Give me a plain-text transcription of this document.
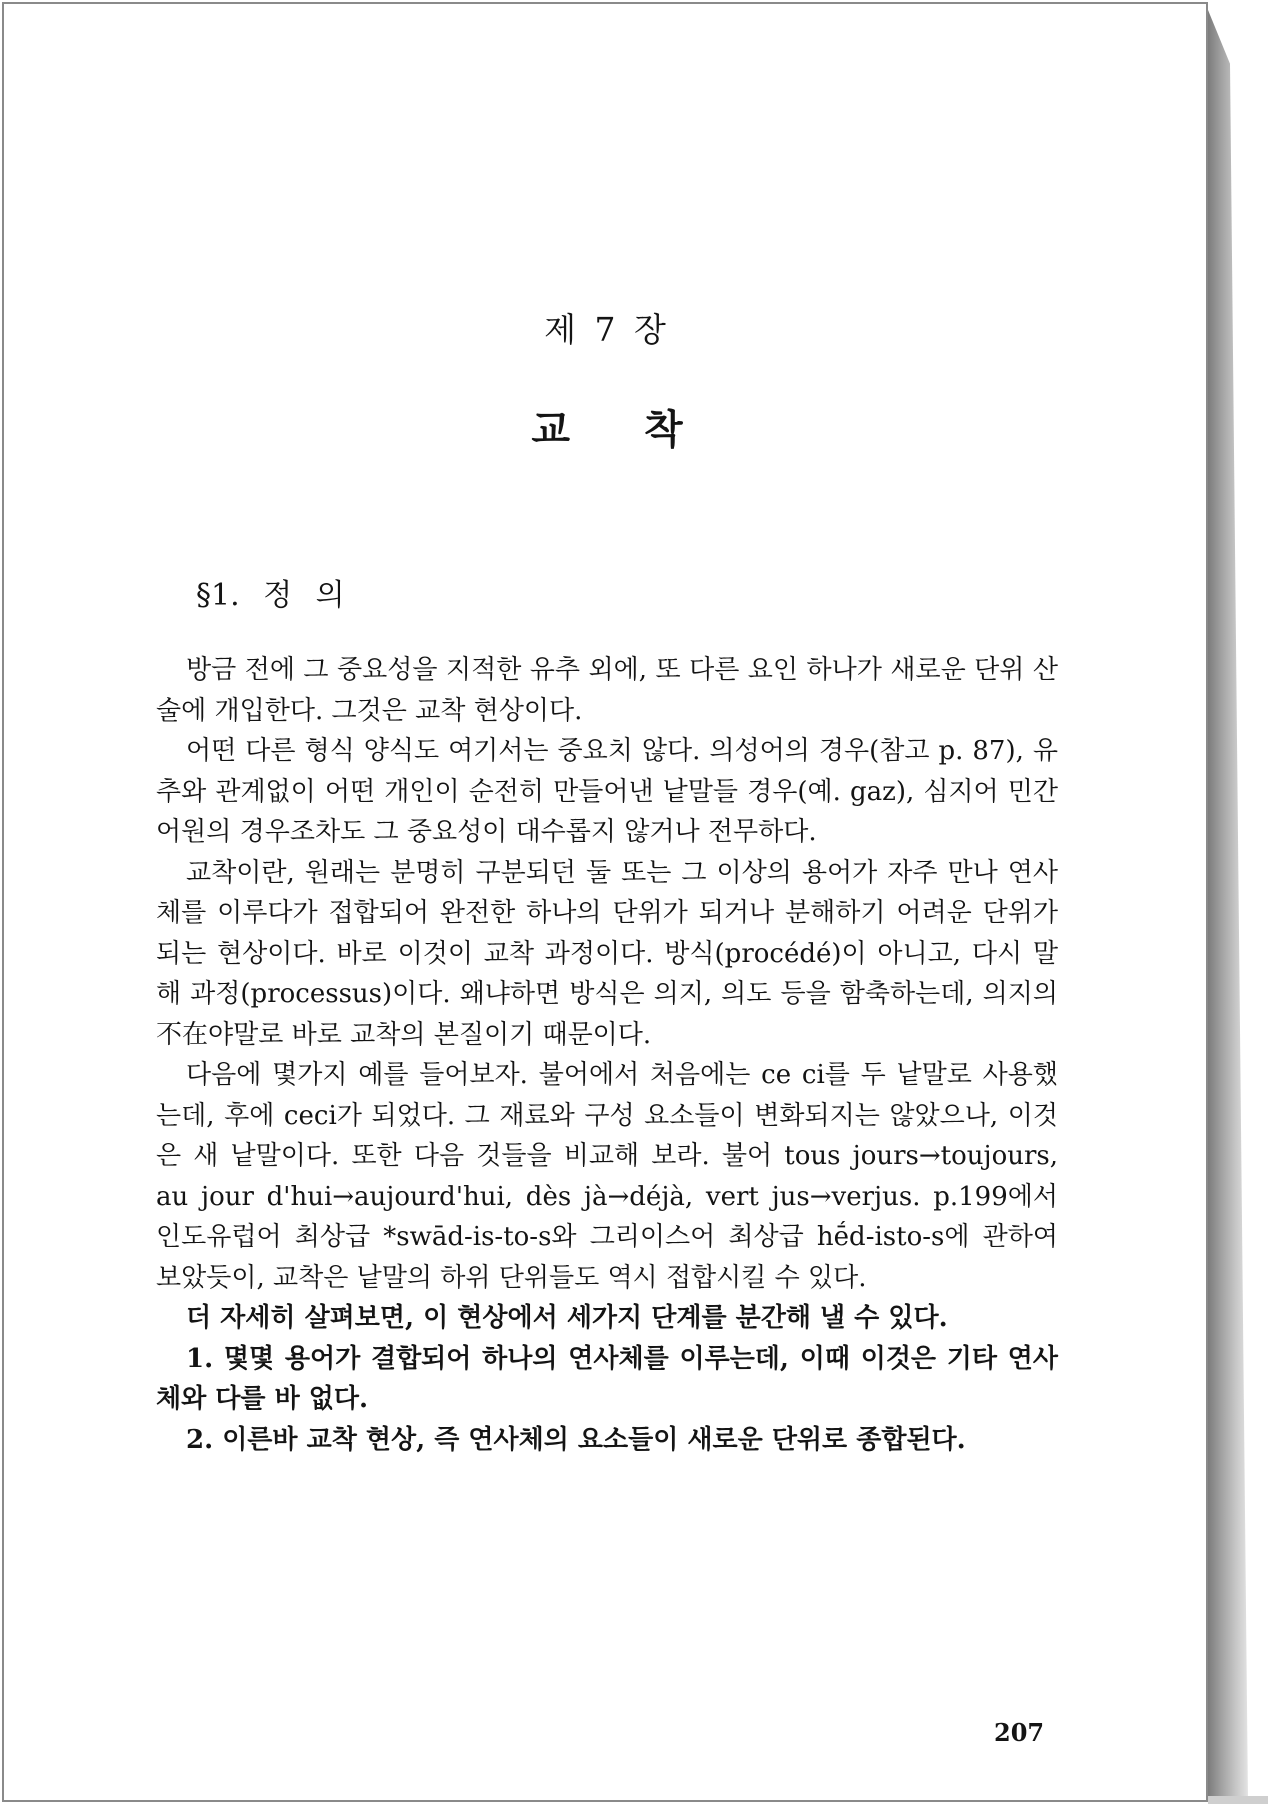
제 7 장
교 착
§1. 정 의

방금 전에 그 중요성을 지적한 유추 외에, 또 다른 요인 하나가 새로운 단위 산술에 개입한다. 그것은 교착 현상이다.

어떤 다른 형식 양식도 여기서는 중요치 않다. 의성어의 경우(참고 p. 87), 유추와 관계없이 어떤 개인이 순전히 만들어낸 낱말들 경우(예. gaz), 심지어 민간 어원의 경우조차도 그 중요성이 대수롭지 않거나 전무하다.

교착이란, 원래는 분명히 구분되던 둘 또는 그 이상의 용어가 자주 만나 연사체를 이루다가 접합되어 완전한 하나의 단위가 되거나 분해하기 어려운 단위가 되는 현상이다. 바로 이것이 교착 과정이다. 방식(procédé)이 아니고, 다시 말해 과정(processus)이다. 왜냐하면 방식은 의지, 의도 등을 함축하는데, 의지의 不在야말로 바로 교착의 본질이기 때문이다.

다음에 몇가지 예를 들어보자. 불어에서 처음에는 ce ci를 두 낱말로 사용했는데, 후에 ceci가 되었다. 그 재료와 구성 요소들이 변화되지는 않았으나, 이것은 새 낱말이다. 또한 다음 것들을 비교해 보라. 불어 tous jours→toujours, au jour d'hui→aujourd'hui, dès jà→déjà, vert jus→verjus. p.199에서 인도유럽어 최상급 *swād-is-to-s와 그리이스어 최상급 hḗd-isto-s에 관하여 보았듯이, 교착은 낱말의 하위 단위들도 역시 접합시킬 수 있다.

더 자세히 살펴보면, 이 현상에서 세가지 단계를 분간해 낼 수 있다.

1. 몇몇 용어가 결합되어 하나의 연사체를 이루는데, 이때 이것은 기타 연사체와 다를 바 없다.

2. 이른바 교착 현상, 즉 연사체의 요소들이 새로운 단위로 종합된다.

207
